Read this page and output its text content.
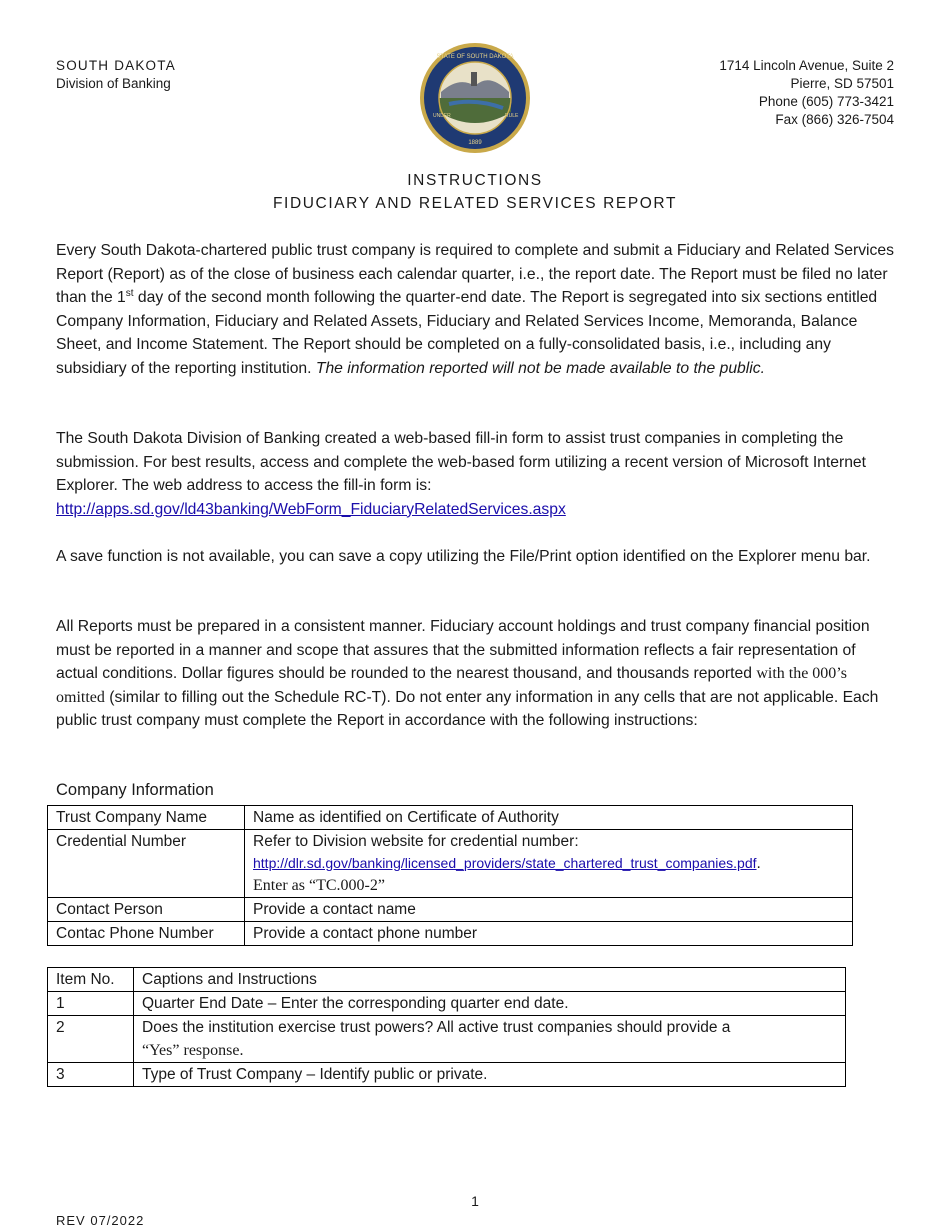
SOUTH DAKOTA
Division of Banking
STATE OF SOUTH DAKOTA
UNDER	RULE
1889
1714 Lincoln Avenue, Suite 2
Pierre, SD 57501
Phone (605) 773-3421
Fax (866) 326-7504
INSTRUCTIONS
FIDUCIARY AND RELATED SERVICES REPORT

Every South Dakota-chartered public trust company is required to complete and submit a Fiduciary and Related Services Report (Report) as of the close of business each calendar quarter, i.e., the report date. The Report must be filed no later than the 1st day of the second month following the quarter-end date. The Report is segregated into six sections entitled Company Information, Fiduciary and Related Assets, Fiduciary and Related Services Income, Memoranda, Balance Sheet, and Income Statement. The Report should be completed on a fully-consolidated basis, i.e., including any subsidiary of the reporting institution. The information reported will not be made available to the public.

The South Dakota Division of Banking created a web-based fill-in form to assist trust companies in completing the submission. For best results, access and complete the web-based form utilizing a recent version of Microsoft Internet Explorer. The web address to access the fill-in form is:
http://apps.sd.gov/ld43banking/WebForm_FiduciaryRelatedServices.aspx

A save function is not available, you can save a copy utilizing the File/Print option identified on the Explorer menu bar.

All Reports must be prepared in a consistent manner. Fiduciary account holdings and trust company financial position must be reported in a manner and scope that assures that the submitted information reflects a fair representation of actual conditions. Dollar figures should be rounded to the nearest thousand, and thousands reported with the 000’s omitted (similar to filling out the Schedule RC-T). Do not enter any information in any cells that are not applicable. Each public trust company must complete the Report in accordance with the following instructions:

Company Information
Trust Company Name	Name as identified on Certificate of Authority
Credential Number	Refer to Division website for credential number:
http://dlr.sd.gov/banking/licensed_providers/state_chartered_trust_companies.pdf.
Enter as “TC.000-2”

Contact Person	Provide a contact name
Contac Phone Number	Provide a contact phone number
Item No.	Captions and Instructions
1	Quarter End Date – Enter the corresponding quarter end date.
2	Does the institution exercise trust powers? All active trust companies should provide a
“Yes” response.

3	Type of Trust Company – Identify public or private.
1
REV 07/2022
